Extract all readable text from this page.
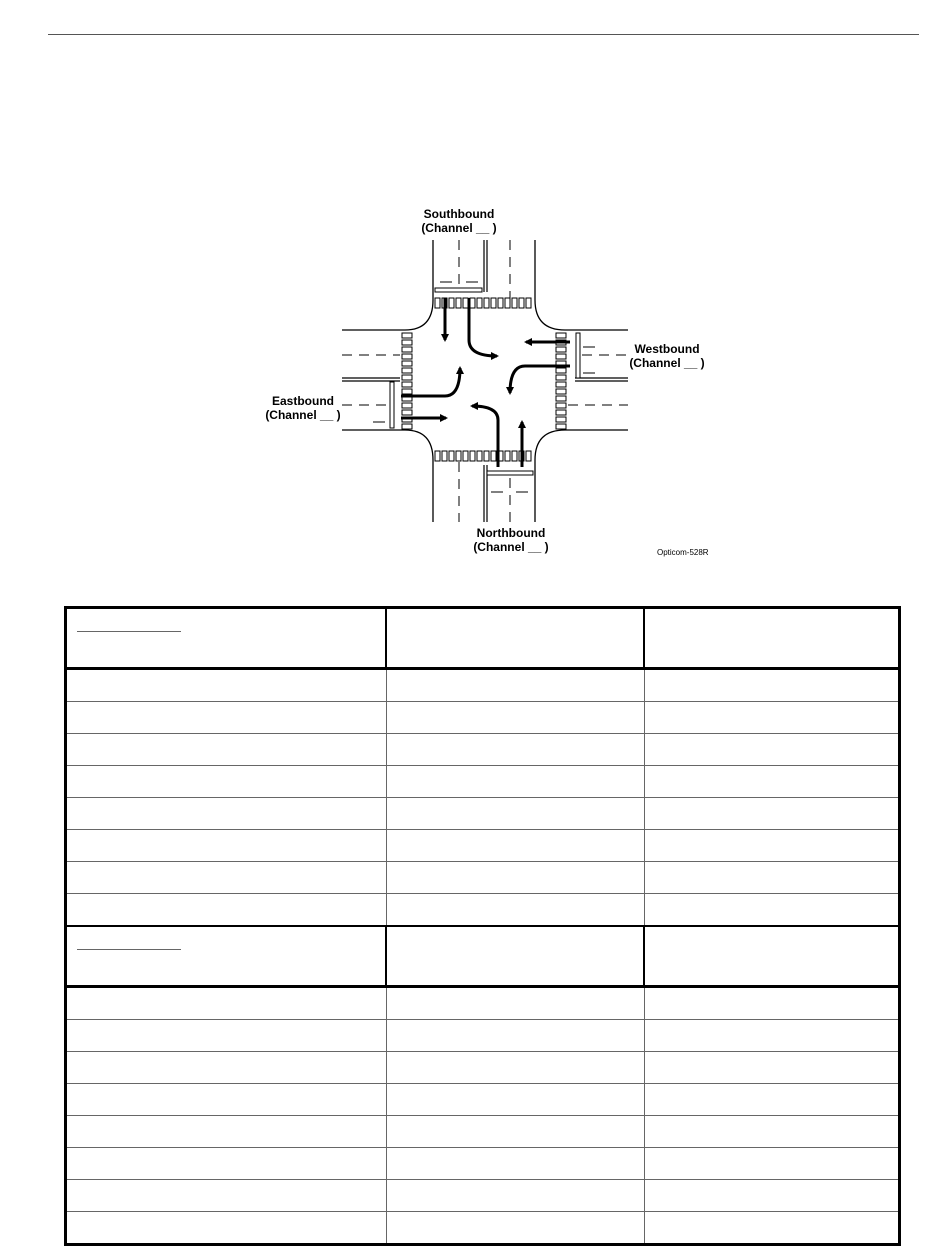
Southbound
(Channel __ )
Westbound
(Channel __ )
Eastbound
(Channel __ )
Northbound
(Channel __ )	Opticom-528R
